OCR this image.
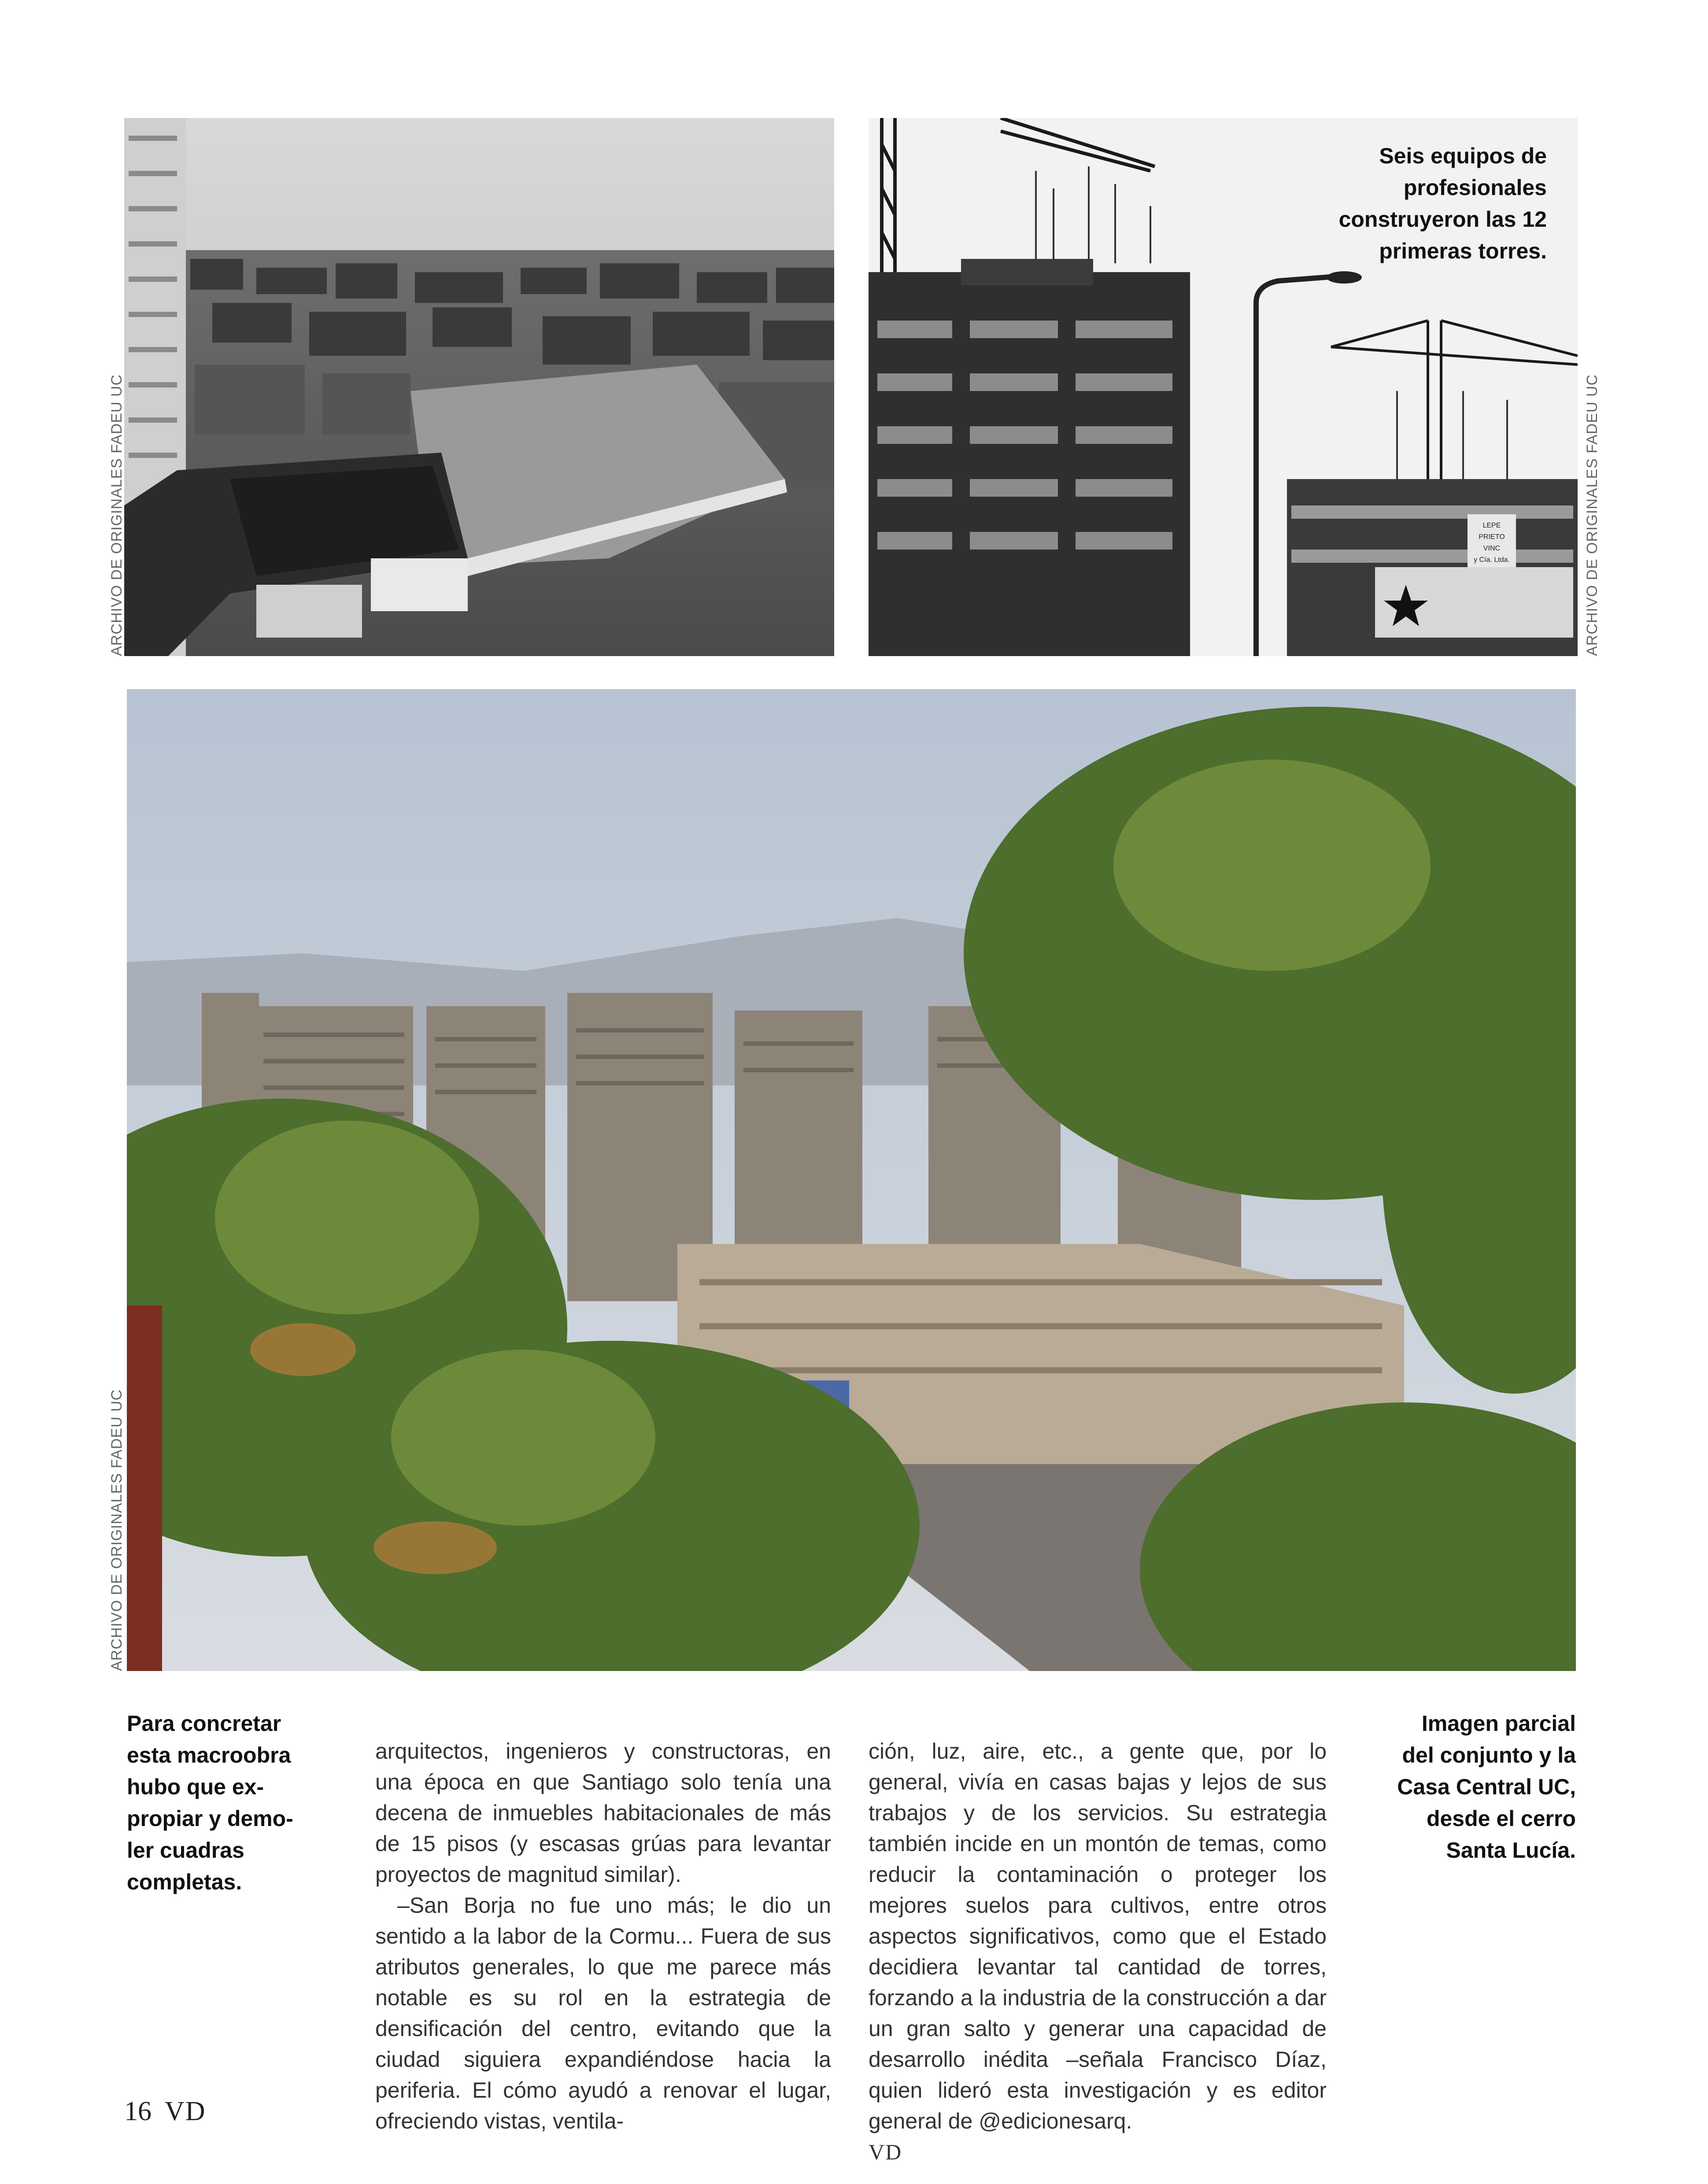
ARCHIVO DE ORIGINALES FADEU UC	LEPE
PRIETO
VINC
y Cía. Ltda.
Seis equipos de
profesionales
construyeron las 12
primeras torres.
ARCHIVO DE ORIGINALES FADEU UC
ARCHIVO DE ORIGINALES FADEU UC
Para concretar
esta macroobra
hubo que ex-
propiar y demo-
ler cuadras
completas.

arquitectos, ingenieros y constructoras, en una época en que Santiago solo tenía una decena de inmuebles habitacionales de más de 15 pisos (y escasas grúas para levantar proyectos de magnitud similar).
 –San Borja no fue uno más; le dio un sentido a la labor de la Cormu... Fuera de sus atributos generales, lo que me parece más notable es su rol en la estrategia de densificación del centro, evitando que la ciudad siguiera expandiéndose hacia la periferia. El cómo ayudó a renovar el lugar, ofreciendo vistas, ventila-

ción, luz, aire, etc., a gente que, por lo general, vivía en casas bajas y lejos de sus trabajos y de los servicios. Su estrategia también incide en un montón de temas, como reducir la contaminación o proteger los mejores suelos para cultivos, entre otros aspectos significativos, como que el Estado decidiera levantar tal cantidad de torres, forzando a la industria de la construcción a dar un gran salto y generar una capacidad de desarrollo inédita –señala Francisco Díaz, quien lideró esta investigación y es editor general de @edicionesarq.
VD

Imagen parcial
del conjunto y la
Casa Central UC,
desde el cerro
Santa Lucía.
16 VD
